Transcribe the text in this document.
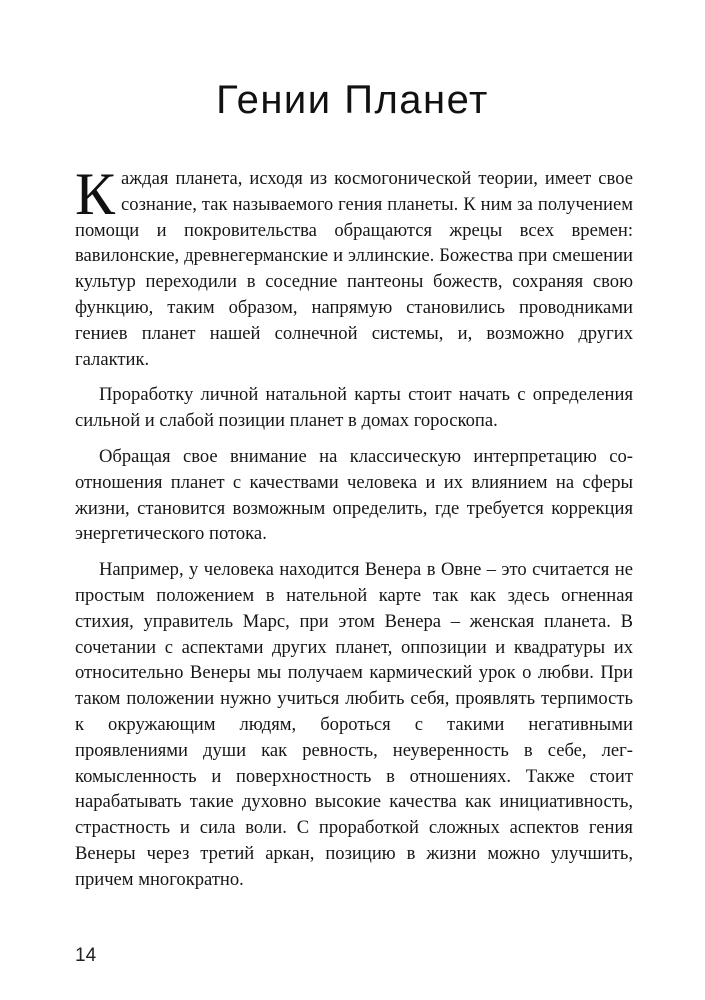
Гении Планет

Каждая планета, исходя из космогонической теории, имеет свое сознание, так называемого гения планеты. К ним за получением помощи и покровительства обращаются жрецы всех времен: вавилонские, древнегерманские и эллинские. Божества при смешении культур переходили в соседние пантеоны божеств, сохраняя свою функцию, таким образом, напрямую становились проводниками гениев планет нашей солнечной системы, и, возможно других галактик.

Проработку личной натальной карты стоит начать с определения сильной и слабой позиции планет в домах гороскопа.

Обращая свое внимание на классическую интерпретацию соотношения планет с качествами человека и их влиянием на сферы жизни, становится возможным определить, где требуется коррекция энергетического потока.

Например, у человека находится Венера в Овне – это считается не простым положением в нательной карте так как здесь огненная стихия, управитель Марс, при этом Венера – женская планета. В сочетании с аспектами других планет, оппозиции и квадратуры их относительно Венеры мы получаем кармический урок о любви. При таком положении нужно учиться любить себя, проявлять терпимость к окружающим людям, бороться с такими негативными проявлениями души как ревность, неуверенность в себе, легкомысленность и поверхностность в отношениях. Также стоит нарабатывать такие духовно высокие качества как инициативность, страстность и сила воли. С проработкой сложных аспектов гения Венеры через третий аркан, позицию в жизни можно улучшить, причем многократно.

14
